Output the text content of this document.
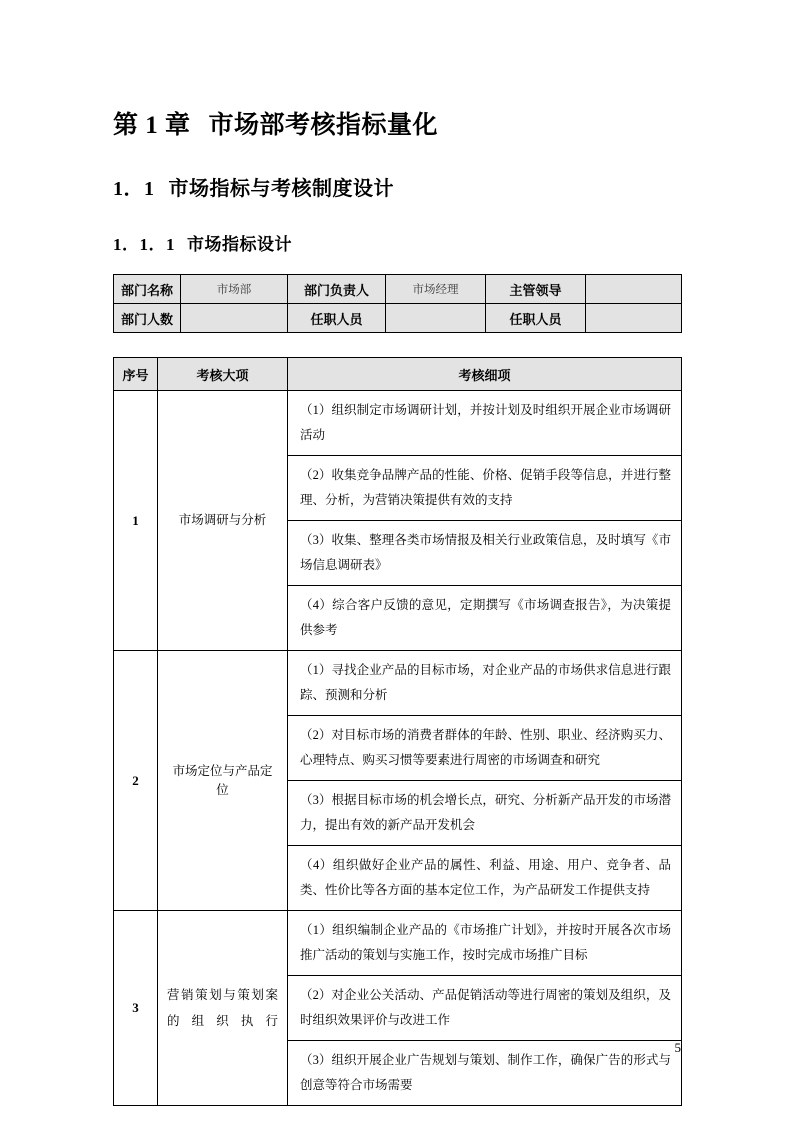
第 1 章 市场部考核指标量化
1．1 市场指标与考核制度设计
1．1．1 市场指标设计
部门名称	市场部	部门负责人	市场经理	主管领导	
部门人数		任职人员		任职人员	
序号	考核大项	考核细项
1	市场调研与分析	（1）组织制定市场调研计划，并按计划及时组织开展企业市场调研活动
		（2）收集竞争品牌产品的性能、价格、促销手段等信息，并进行整理、分析，为营销决策提供有效的支持
		（3）收集、整理各类市场情报及相关行业政策信息，及时填写《市场信息调研表》
		（4）综合客户反馈的意见，定期撰写《市场调查报告》，为决策提供参考
2	市场定位与产品定位	（1）寻找企业产品的目标市场，对企业产品的市场供求信息进行跟踪、预测和分析
		（2）对目标市场的消费者群体的年龄、性别、职业、经济购买力、心理特点、购买习惯等要素进行周密的市场调查和研究
		（3）根据目标市场的机会增长点，研究、分析新产品开发的市场潜力，提出有效的新产品开发机会
		（4）组织做好企业产品的属性、利益、用途、用户、竞争者、品类、性价比等各方面的基本定位工作，为产品研发工作提供支持
3	营销策划与策划案的组织执行	（1）组织编制企业产品的《市场推广计划》，并按时开展各次市场推广活动的策划与实施工作，按时完成市场推广目标
		（2）对企业公关活动、产品促销活动等进行周密的策划及组织，及时组织效果评价与改进工作
		（3）组织开展企业广告规划与策划、制作工作，确保广告的形式与创意等符合市场需要
5
